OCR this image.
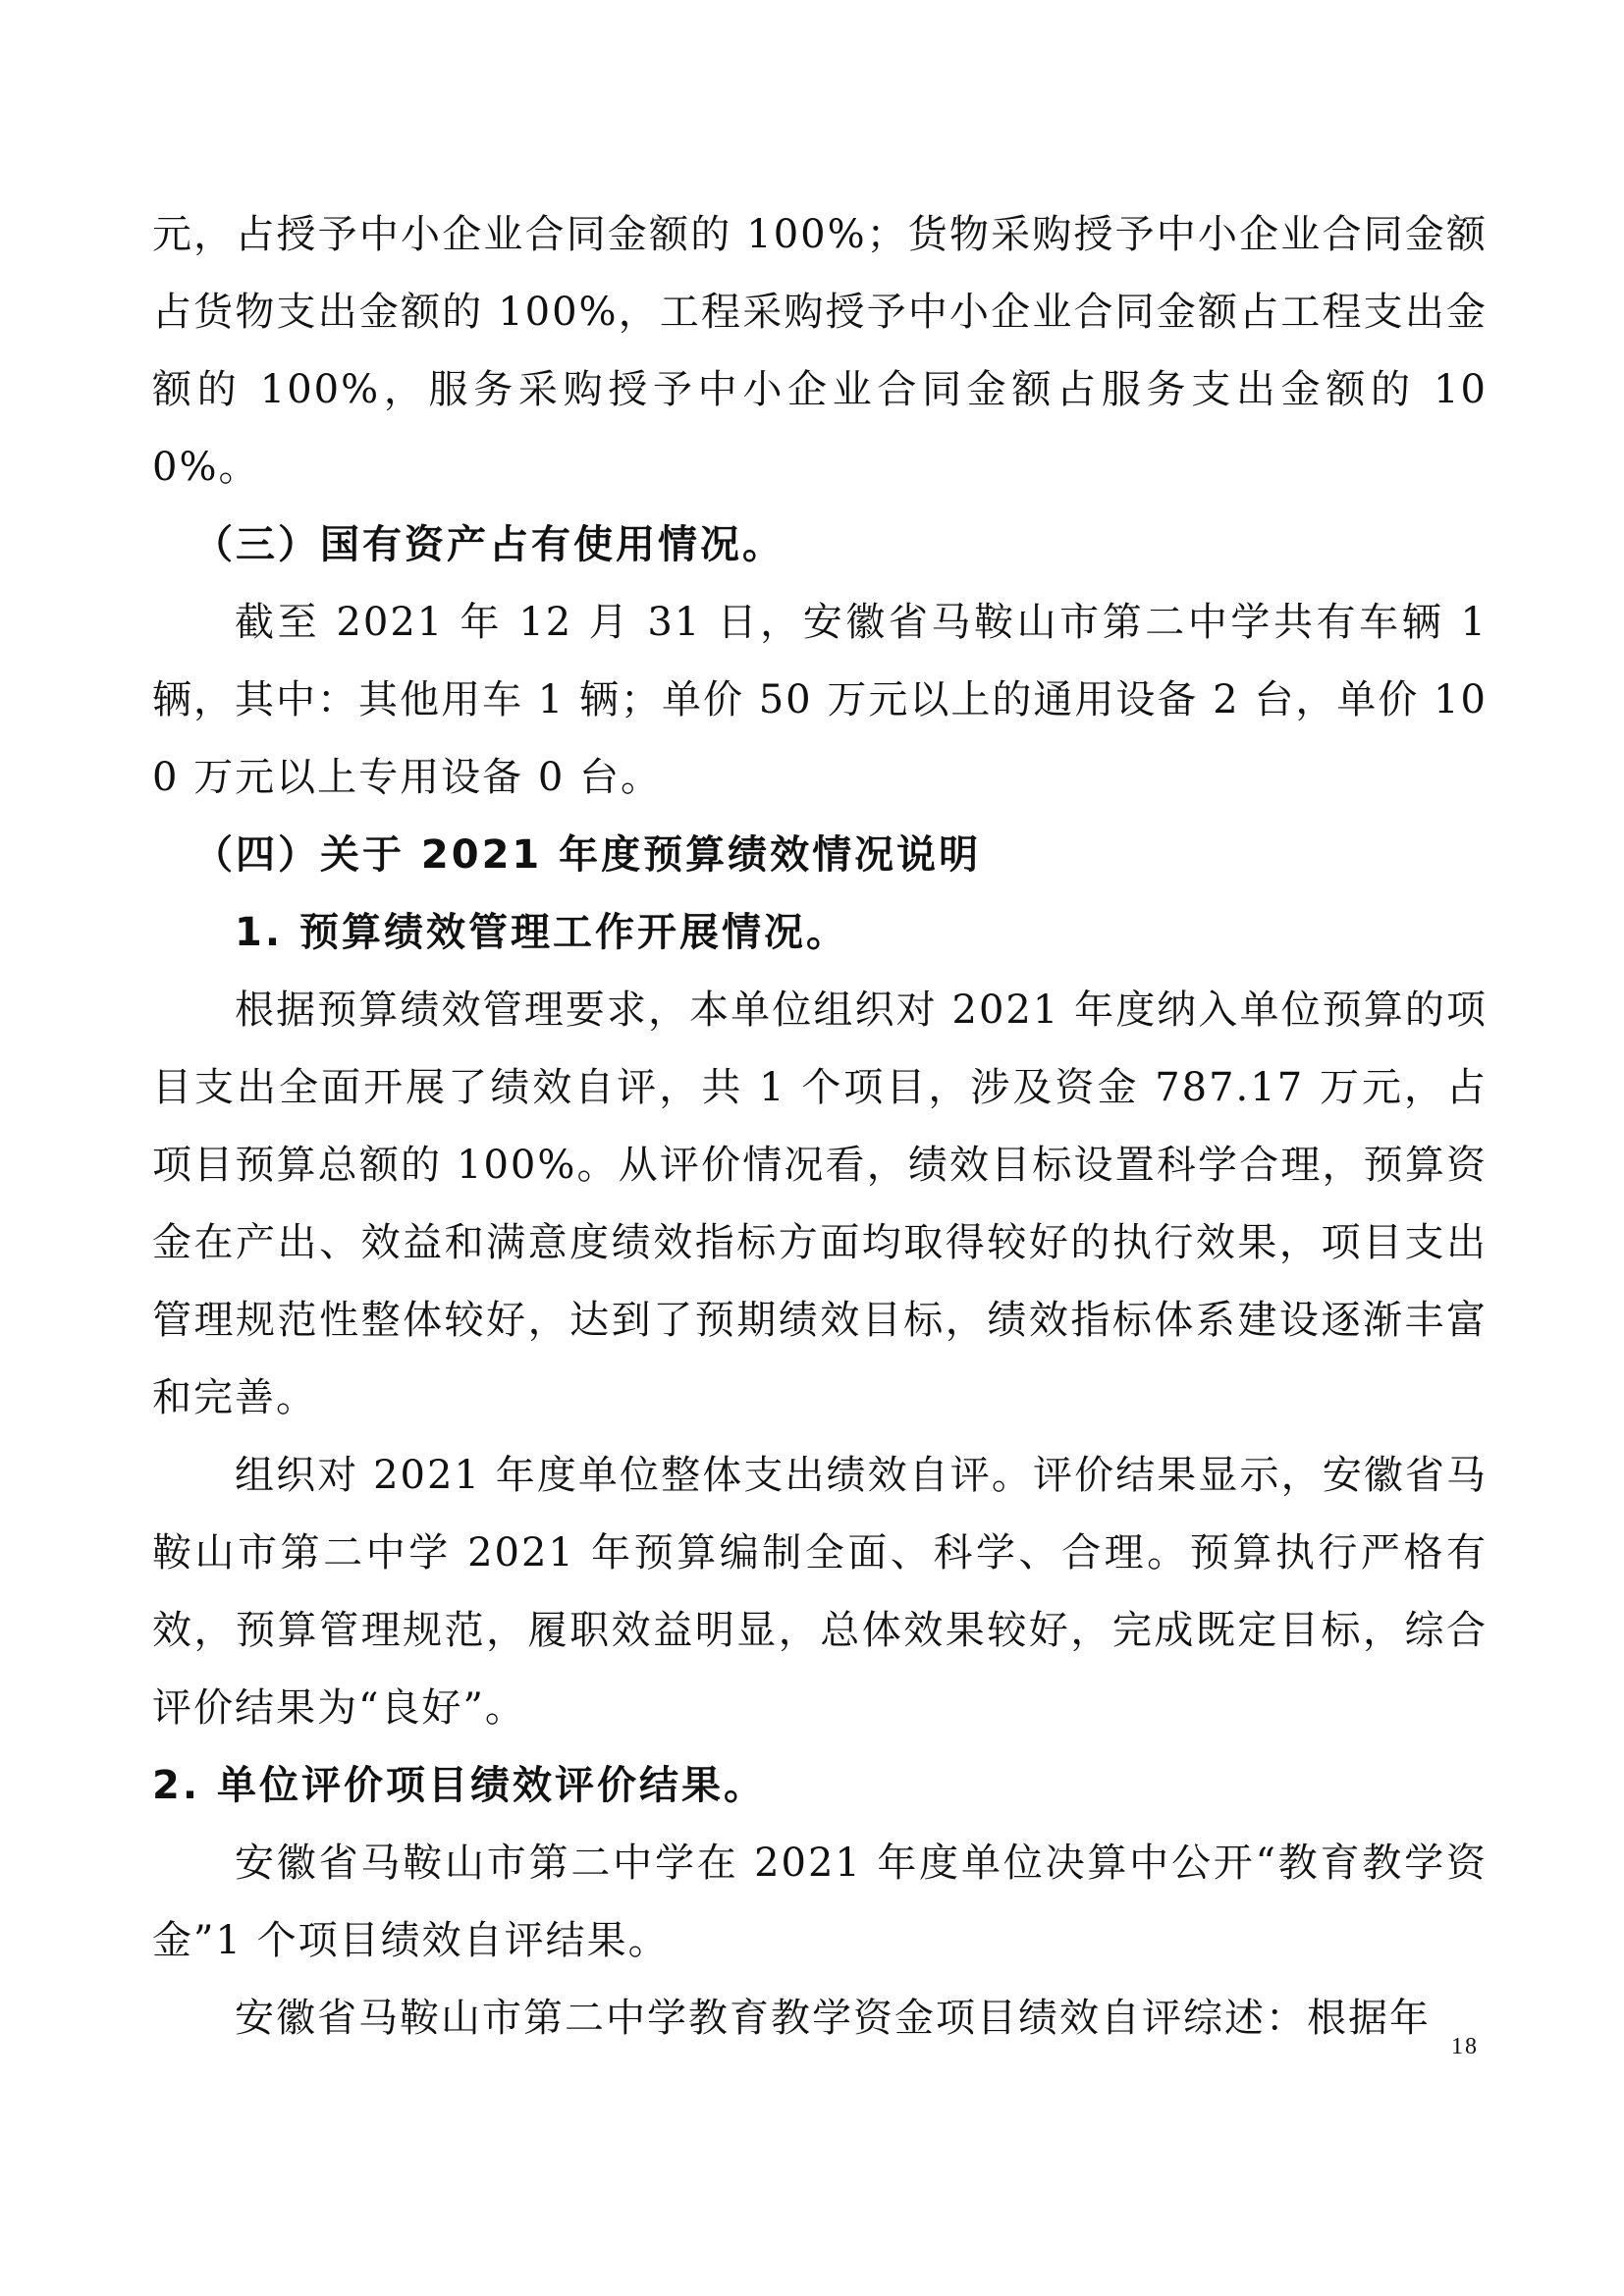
元，占授予中小企业合同金额的 100%；货物采购授予中小企业合同金额占货物支出金额的 100%，工程采购授予中小企业合同金额占工程支出金额的 100%，服务采购授予中小企业合同金额占服务支出金额的 100%。

（三）国有资产占有使用情况。

截至 2021 年 12 月 31 日，安徽省马鞍山市第二中学共有车辆 1 辆，其中：其他用车 1 辆；单价 50 万元以上的通用设备 2 台，单价 100 万元以上专用设备 0 台。

（四）关于 2021 年度预算绩效情况说明

1. 预算绩效管理工作开展情况。

根据预算绩效管理要求，本单位组织对 2021 年度纳入单位预算的项目支出全面开展了绩效自评，共 1 个项目，涉及资金 787.17 万元，占项目预算总额的 100%。从评价情况看，绩效目标设置科学合理，预算资金在产出、效益和满意度绩效指标方面均取得较好的执行效果，项目支出管理规范性整体较好，达到了预期绩效目标，绩效指标体系建设逐渐丰富和完善。

组织对 2021 年度单位整体支出绩效自评。评价结果显示，安徽省马鞍山市第二中学 2021 年预算编制全面、科学、合理。预算执行严格有效，预算管理规范，履职效益明显，总体效果较好，完成既定目标，综合评价结果为“良好”。

2. 单位评价项目绩效评价结果。

安徽省马鞍山市第二中学在 2021 年度单位决算中公开“教育教学资金”1 个项目绩效自评结果。

安徽省马鞍山市第二中学教育教学资金项目绩效自评综述：根据年

18
